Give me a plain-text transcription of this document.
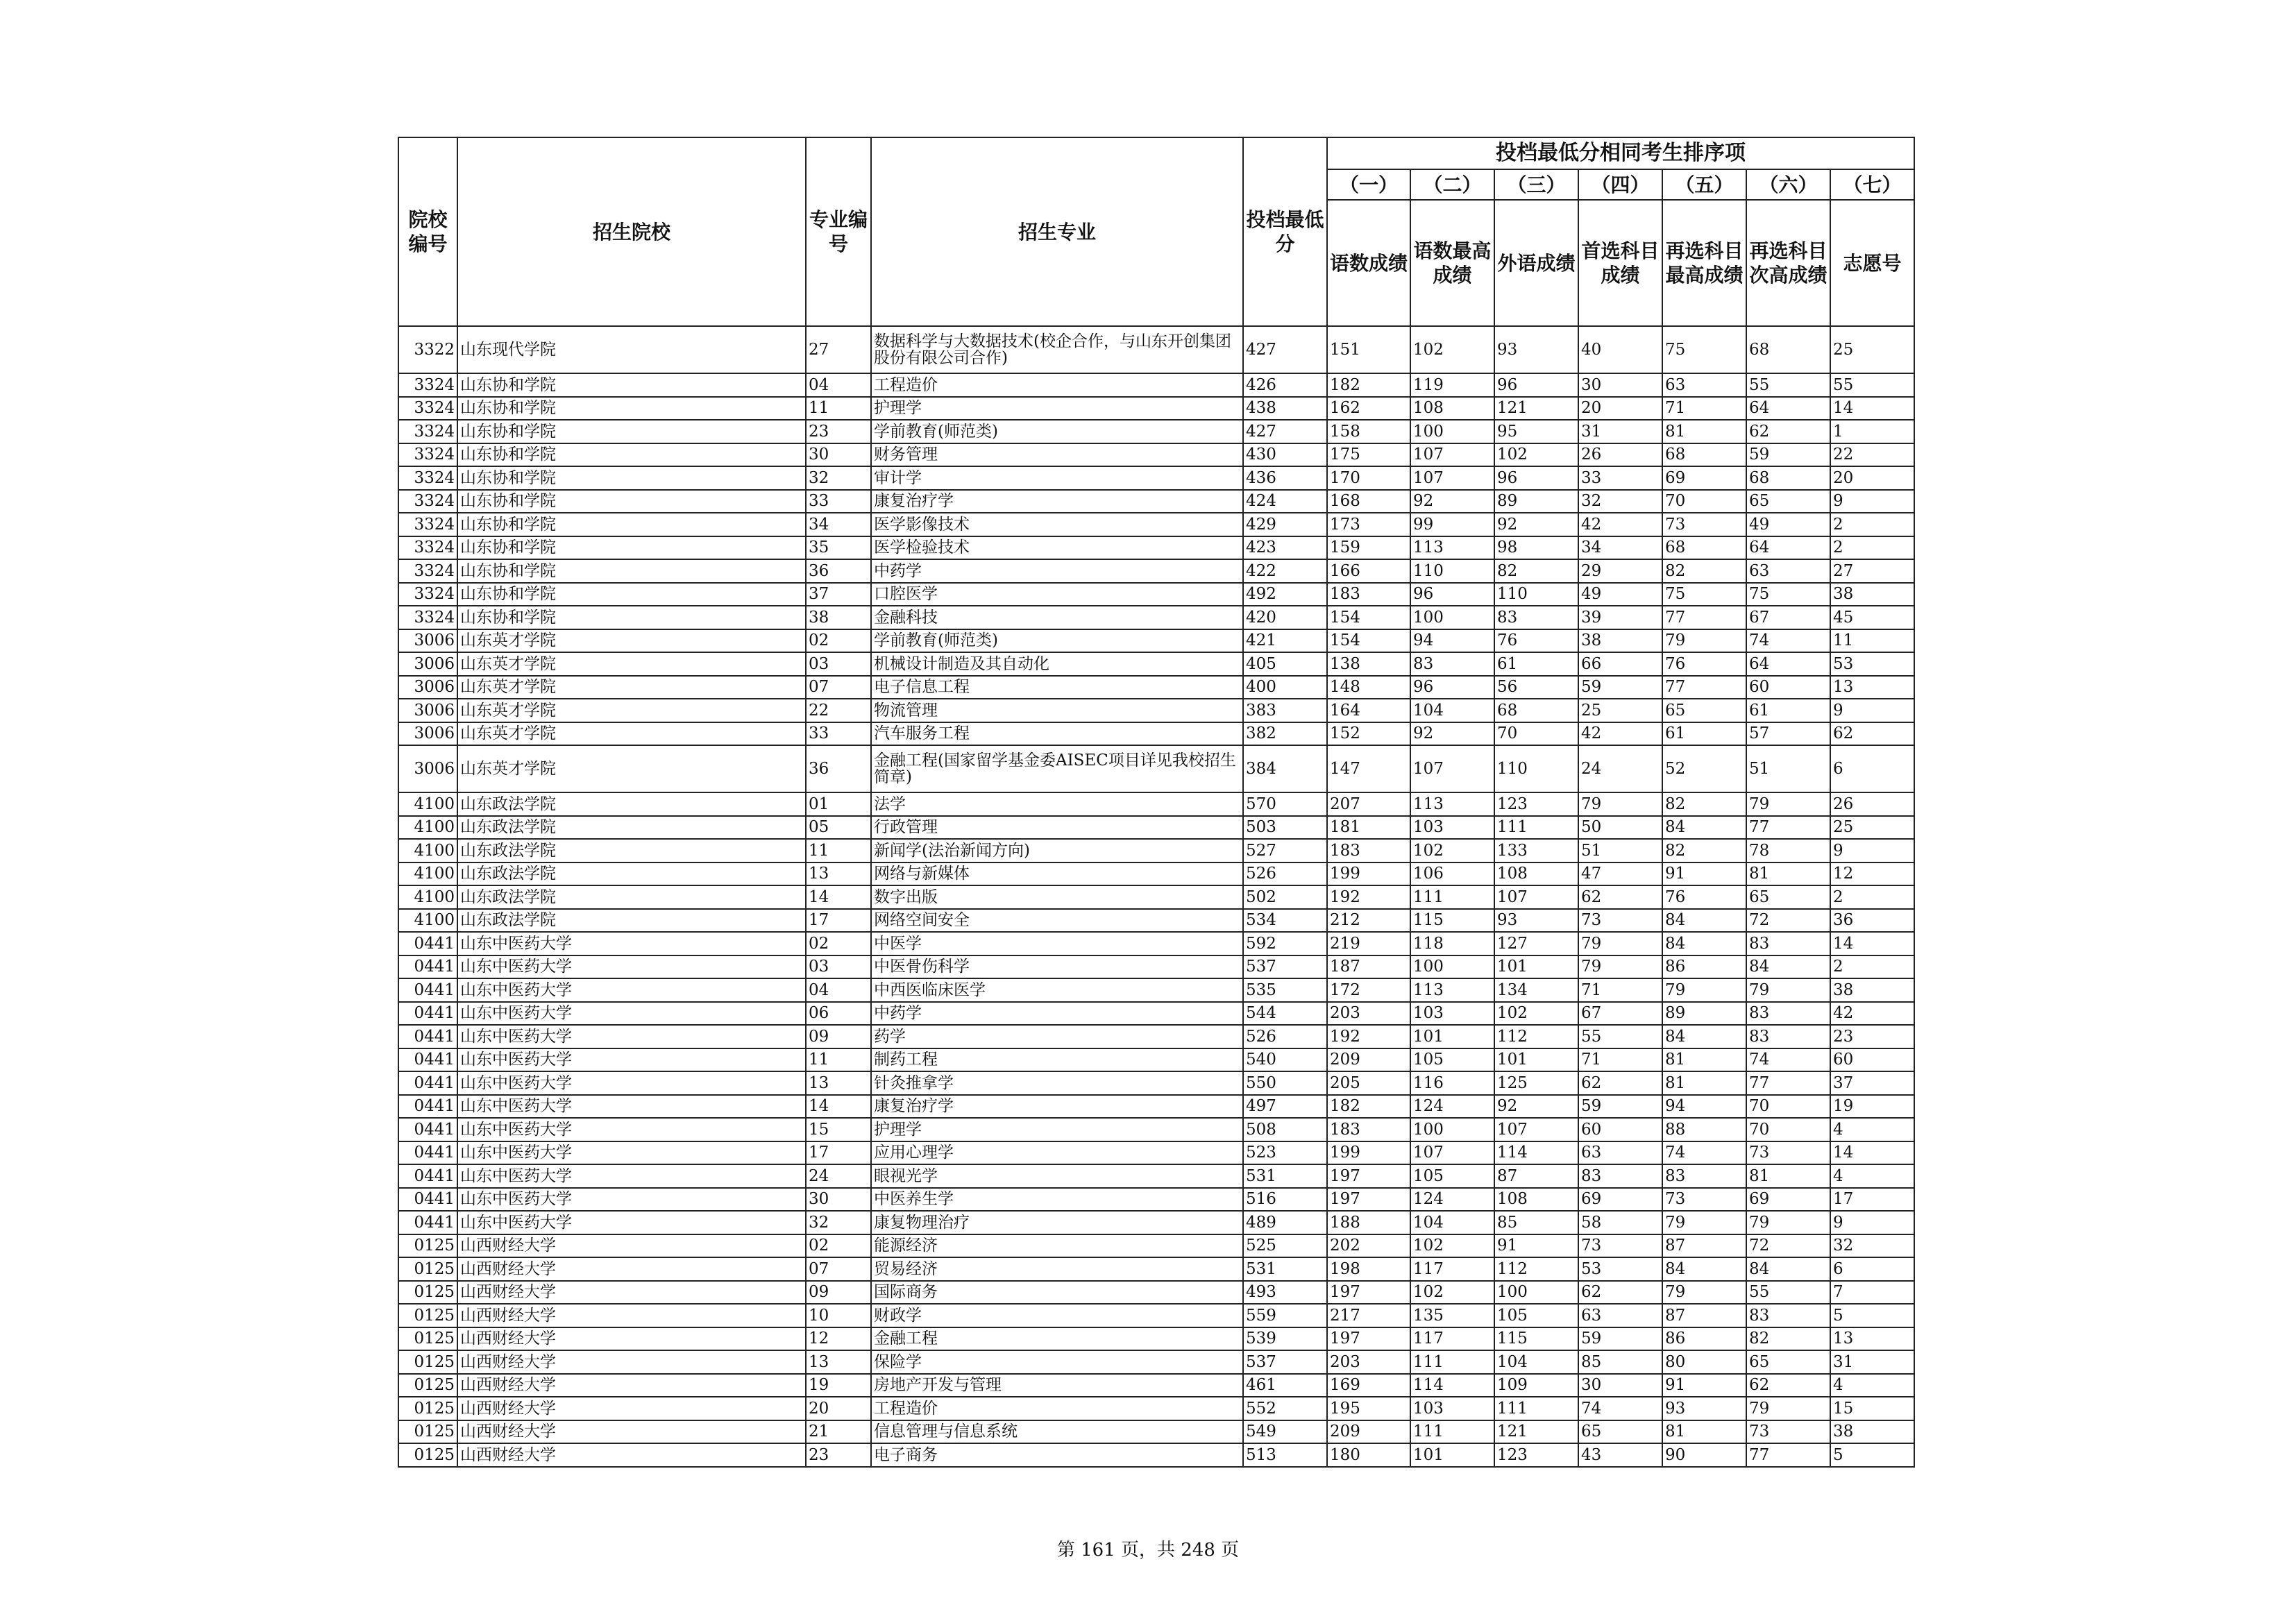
院校编号	招生院校	专业编号	招生专业	投档最低分	投档最低分相同考生排序项						
					（一）	（二）	（三）	（四）	（五）	（六）	（七）
					语数成绩	语数最高成绩	外语成绩	首选科目成绩	再选科目最高成绩	再选科目次高成绩	志愿号
3322	山东现代学院	27	数据科学与大数据技术(校企合作，与山东开创集团股份有限公司合作)	427	151	102	93	40	75	68	25
3324	山东协和学院	04	工程造价	426	182	119	96	30	63	55	55
3324	山东协和学院	11	护理学	438	162	108	121	20	71	64	14
3324	山东协和学院	23	学前教育(师范类)	427	158	100	95	31	81	62	1
3324	山东协和学院	30	财务管理	430	175	107	102	26	68	59	22
3324	山东协和学院	32	审计学	436	170	107	96	33	69	68	20
3324	山东协和学院	33	康复治疗学	424	168	92	89	32	70	65	9
3324	山东协和学院	34	医学影像技术	429	173	99	92	42	73	49	2
3324	山东协和学院	35	医学检验技术	423	159	113	98	34	68	64	2
3324	山东协和学院	36	中药学	422	166	110	82	29	82	63	27
3324	山东协和学院	37	口腔医学	492	183	96	110	49	75	75	38
3324	山东协和学院	38	金融科技	420	154	100	83	39	77	67	45
3006	山东英才学院	02	学前教育(师范类)	421	154	94	76	38	79	74	11
3006	山东英才学院	03	机械设计制造及其自动化	405	138	83	61	66	76	64	53
3006	山东英才学院	07	电子信息工程	400	148	96	56	59	77	60	13
3006	山东英才学院	22	物流管理	383	164	104	68	25	65	61	9
3006	山东英才学院	33	汽车服务工程	382	152	92	70	42	61	57	62
3006	山东英才学院	36	金融工程(国家留学基金委AISEC项目详见我校招生简章)	384	147	107	110	24	52	51	6
4100	山东政法学院	01	法学	570	207	113	123	79	82	79	26
4100	山东政法学院	05	行政管理	503	181	103	111	50	84	77	25
4100	山东政法学院	11	新闻学(法治新闻方向)	527	183	102	133	51	82	78	9
4100	山东政法学院	13	网络与新媒体	526	199	106	108	47	91	81	12
4100	山东政法学院	14	数字出版	502	192	111	107	62	76	65	2
4100	山东政法学院	17	网络空间安全	534	212	115	93	73	84	72	36
0441	山东中医药大学	02	中医学	592	219	118	127	79	84	83	14
0441	山东中医药大学	03	中医骨伤科学	537	187	100	101	79	86	84	2
0441	山东中医药大学	04	中西医临床医学	535	172	113	134	71	79	79	38
0441	山东中医药大学	06	中药学	544	203	103	102	67	89	83	42
0441	山东中医药大学	09	药学	526	192	101	112	55	84	83	23
0441	山东中医药大学	11	制药工程	540	209	105	101	71	81	74	60
0441	山东中医药大学	13	针灸推拿学	550	205	116	125	62	81	77	37
0441	山东中医药大学	14	康复治疗学	497	182	124	92	59	94	70	19
0441	山东中医药大学	15	护理学	508	183	100	107	60	88	70	4
0441	山东中医药大学	17	应用心理学	523	199	107	114	63	74	73	14
0441	山东中医药大学	24	眼视光学	531	197	105	87	83	83	81	4
0441	山东中医药大学	30	中医养生学	516	197	124	108	69	73	69	17
0441	山东中医药大学	32	康复物理治疗	489	188	104	85	58	79	79	9
0125	山西财经大学	02	能源经济	525	202	102	91	73	87	72	32
0125	山西财经大学	07	贸易经济	531	198	117	112	53	84	84	6
0125	山西财经大学	09	国际商务	493	197	102	100	62	79	55	7
0125	山西财经大学	10	财政学	559	217	135	105	63	87	83	5
0125	山西财经大学	12	金融工程	539	197	117	115	59	86	82	13
0125	山西财经大学	13	保险学	537	203	111	104	85	80	65	31
0125	山西财经大学	19	房地产开发与管理	461	169	114	109	30	91	62	4
0125	山西财经大学	20	工程造价	552	195	103	111	74	93	79	15
0125	山西财经大学	21	信息管理与信息系统	549	209	111	121	65	81	73	38
0125	山西财经大学	23	电子商务	513	180	101	123	43	90	77	5
第 161 页，共 248 页
